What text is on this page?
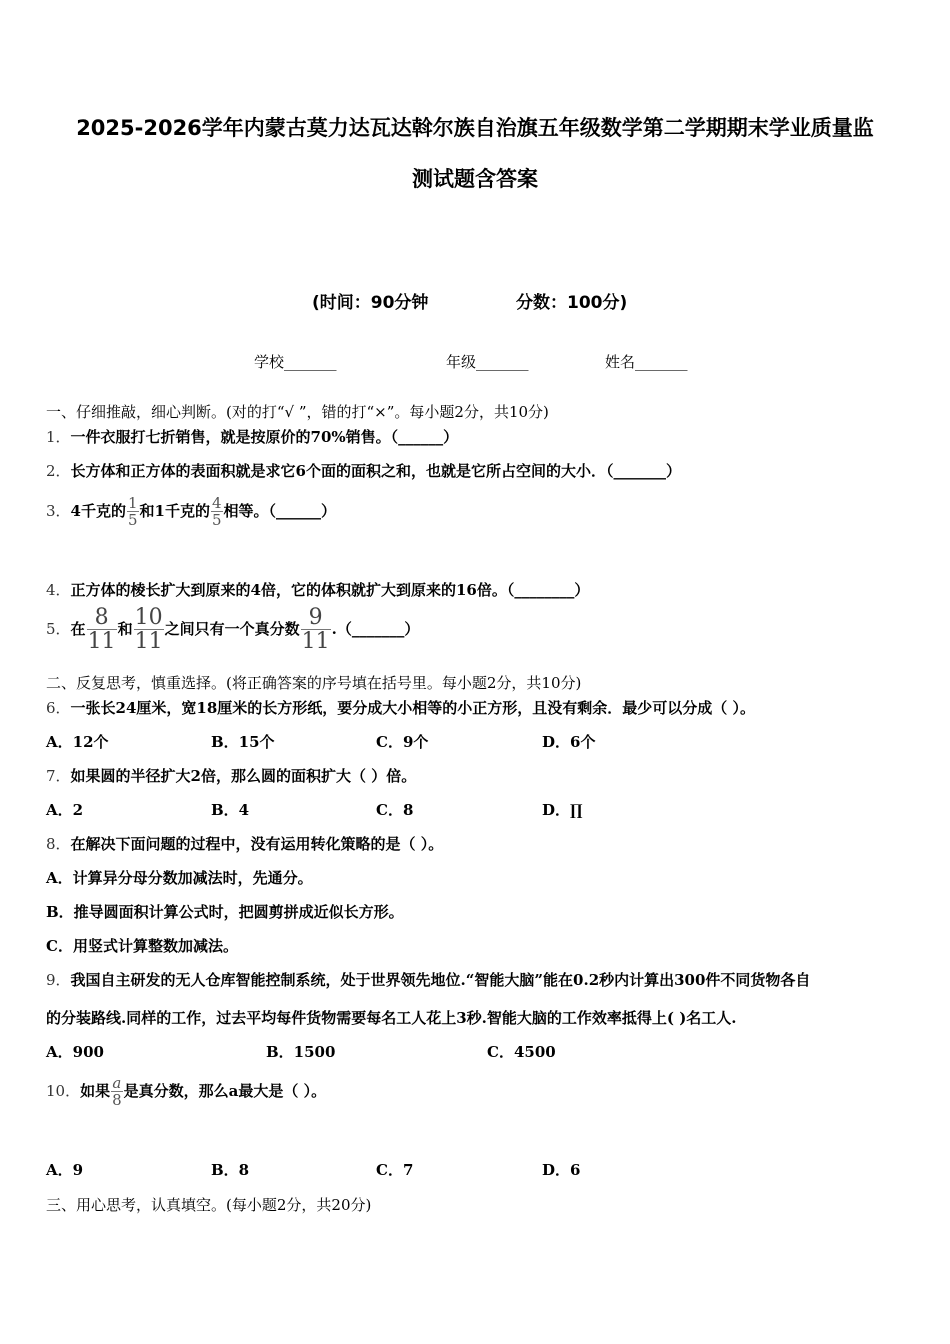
2025-2026学年内蒙古莫力达瓦达斡尔族自治旗五年级数学第二学期期末学业质量监
测试题含答案
(时间：90分钟	分数：100分)
学校_______	年级_______	姓名_______
一、仔细推敲，细心判断。(对的打“√ ”，错的打“×”。每小题2分，共10分)
1．一件衣服打七折销售，就是按原价的70%销售。（______）
2．长方体和正方体的表面积就是求它6个面的面积之和，也就是它所占空间的大小．（_______）
3．4千克的 $\frac{1}{5}$ 和1千克的 $\frac{4}{5}$ 相等。（______）
4．正方体的棱长扩大到原来的4倍，它的体积就扩大到原来的16倍。（________）
5．在 $\frac{8}{11}$ 和 $\frac{10}{11}$ 之间只有一个真分数 $\frac{9}{11}$ .（_______）
二、反复思考，慎重选择。(将正确答案的序号填在括号里。每小题2分，共10分)
6．一张长24厘米，宽18厘米的长方形纸，要分成大小相等的小正方形，且没有剩余．最少可以分成（ ）。
A．12个	B．15个	C．9个	D．6个
7．如果圆的半径扩大2倍，那么圆的面积扩大（ ）倍。
A．2	B．4	C．8	D．∏
8．在解决下面问题的过程中，没有运用转化策略的是（ ）。
A．计算异分母分数加减法时，先通分。
B．推导圆面积计算公式时，把圆剪拼成近似长方形。
C．用竖式计算整数加减法。
9．我国自主研发的无人仓库智能控制系统，处于世界领先地位.“智能大脑”能在0.2秒内计算出300件不同货物各自
的分装路线.同样的工作，过去平均每件货物需要每名工人花上3秒.智能大脑的工作效率抵得上( )名工人.
A．900	B．1500	C．4500
10．如果 $\frac{a}{8}$ 是真分数，那么a最大是（ ）。
A．9	B．8	C．7	D．6
三、用心思考，认真填空。(每小题2分，共20分)
